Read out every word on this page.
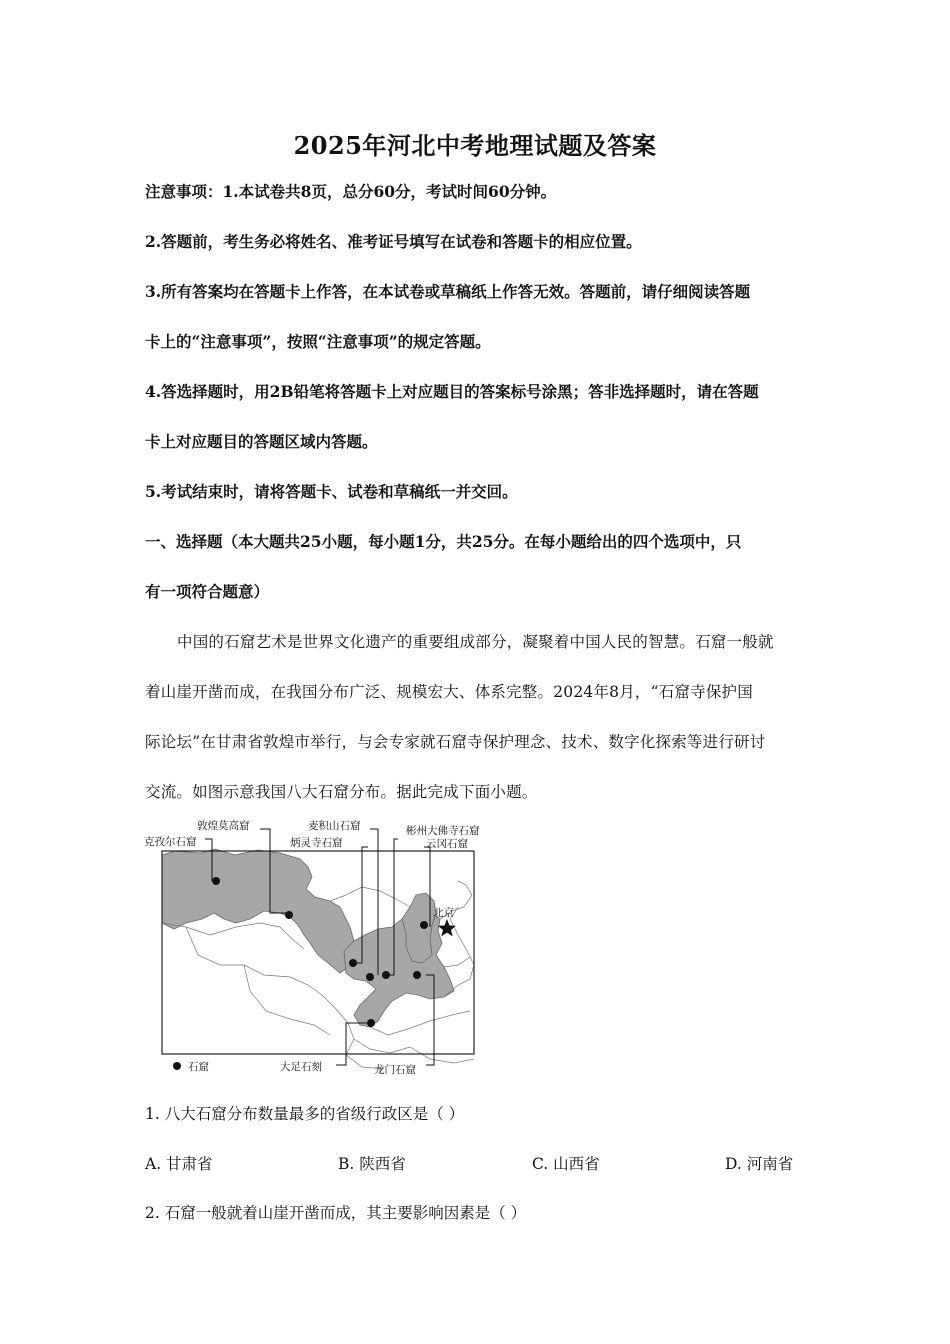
2025年河北中考地理试题及答案
注意事项：1.本试卷共8页，总分60分，考试时间60分钟。
2.答题前，考生务必将姓名、准考证号填写在试卷和答题卡的相应位置。
3.所有答案均在答题卡上作答，在本试卷或草稿纸上作答无效。答题前，请仔细阅读答题
卡上的“注意事项”，按照“注意事项”的规定答题。
4.答选择题时，用2B铅笔将答题卡上对应题目的答案标号涂黑；答非选择题时，请在答题
卡上对应题目的答题区域内答题。
5.考试结束时，请将答题卡、试卷和草稿纸一并交回。
一、选择题（本大题共25小题，每小题1分，共25分。在每小题给出的四个选项中，只
有一项符合题意）
中国的石窟艺术是世界文化遗产的重要组成部分，凝聚着中国人民的智慧。石窟一般就
着山崖开凿而成，在我国分布广泛、规模宏大、体系完整。2024年8月，“石窟寺保护国
际论坛”在甘肃省敦煌市举行，与会专家就石窟寺保护理念、技术、数字化探索等进行研讨
交流。如图示意我国八大石窟分布。据此完成下面小题。
敦煌莫高窟
克孜尔石窟
麦积山石窟
炳灵寺石窟
彬州大佛寺石窟
云冈石窟
北京
大足石刻	龙门石窟
石窟
1. 八大石窟分布数量最多的省级行政区是（ ）
A. 甘肃省	B. 陕西省	C. 山西省	D. 河南省
2. 石窟一般就着山崖开凿而成，其主要影响因素是（ ）
